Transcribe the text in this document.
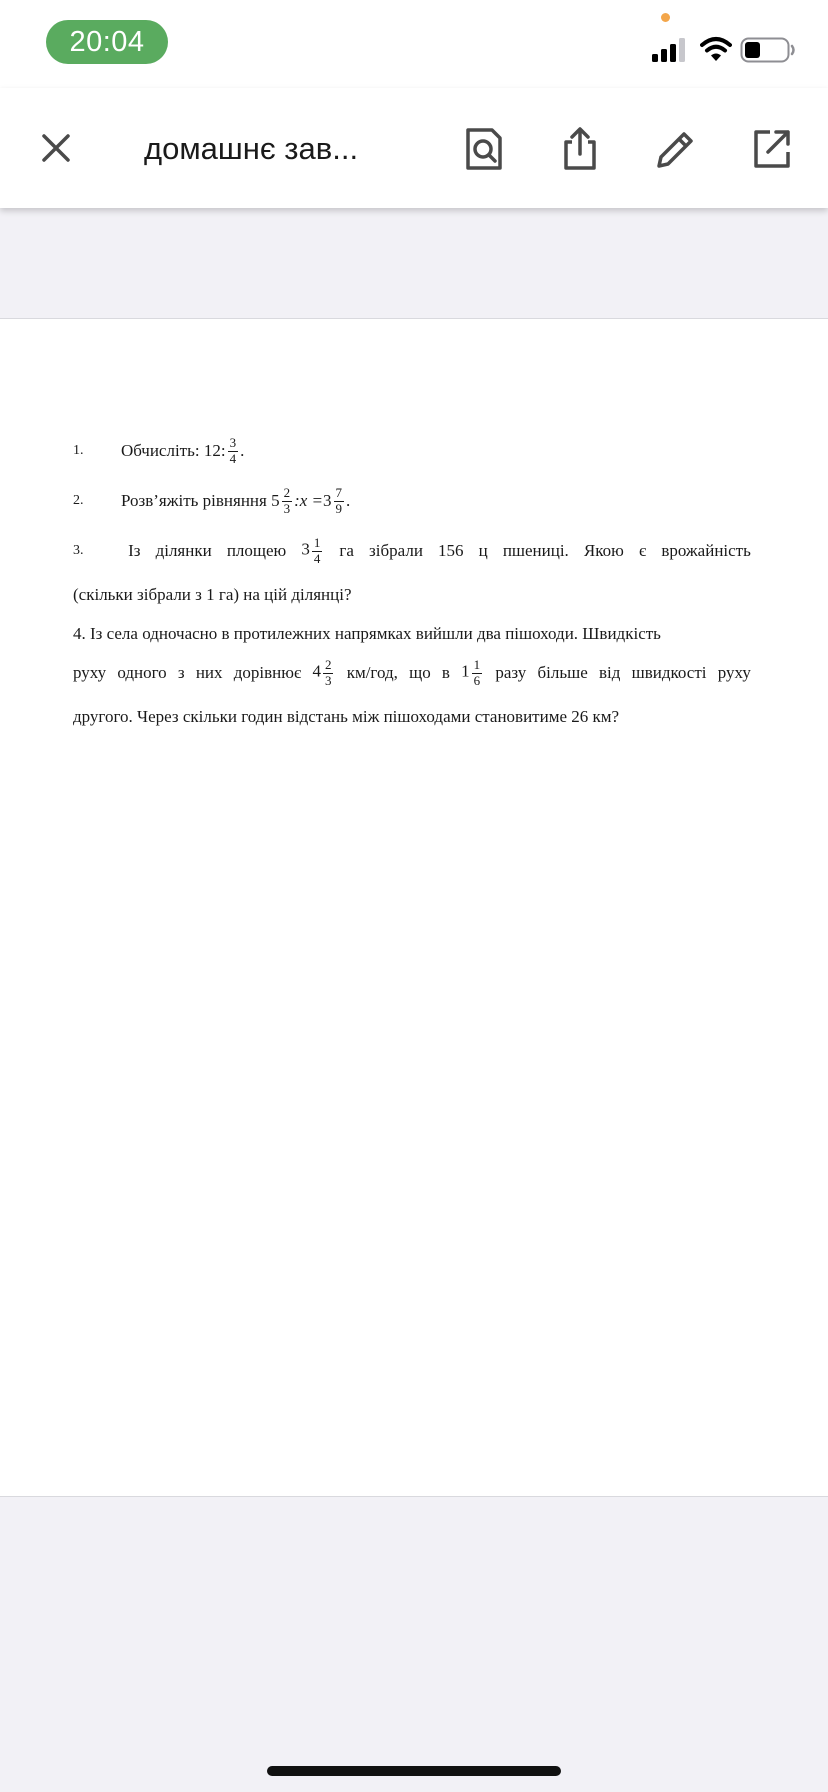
20:04
домашнє зав...
1.	Обчисліть:
12 : $\frac{3}{4}$ .
2.	Розв’яжіть рівняння
$5 \frac{2}{3}$ :x = $3 \frac{7}{9}$ .
3.	Із ділянки площею $3 \frac{1}{4}$ га зібрали 156 ц пшениці. Якою є врожайність
(скільки зібрали з 1 га) на цій ділянці?
4. Із села одночасно в протилежних напрямках вийшли два пішоходи. Швидкість
руху одного з них дорівнює $4 \frac{2}{3} км/год$, що в $1 \frac{1}{6}$ разу більше від швидкості руху
другого. Через скільки годин відстань між пішоходами становитиме 26 км?
